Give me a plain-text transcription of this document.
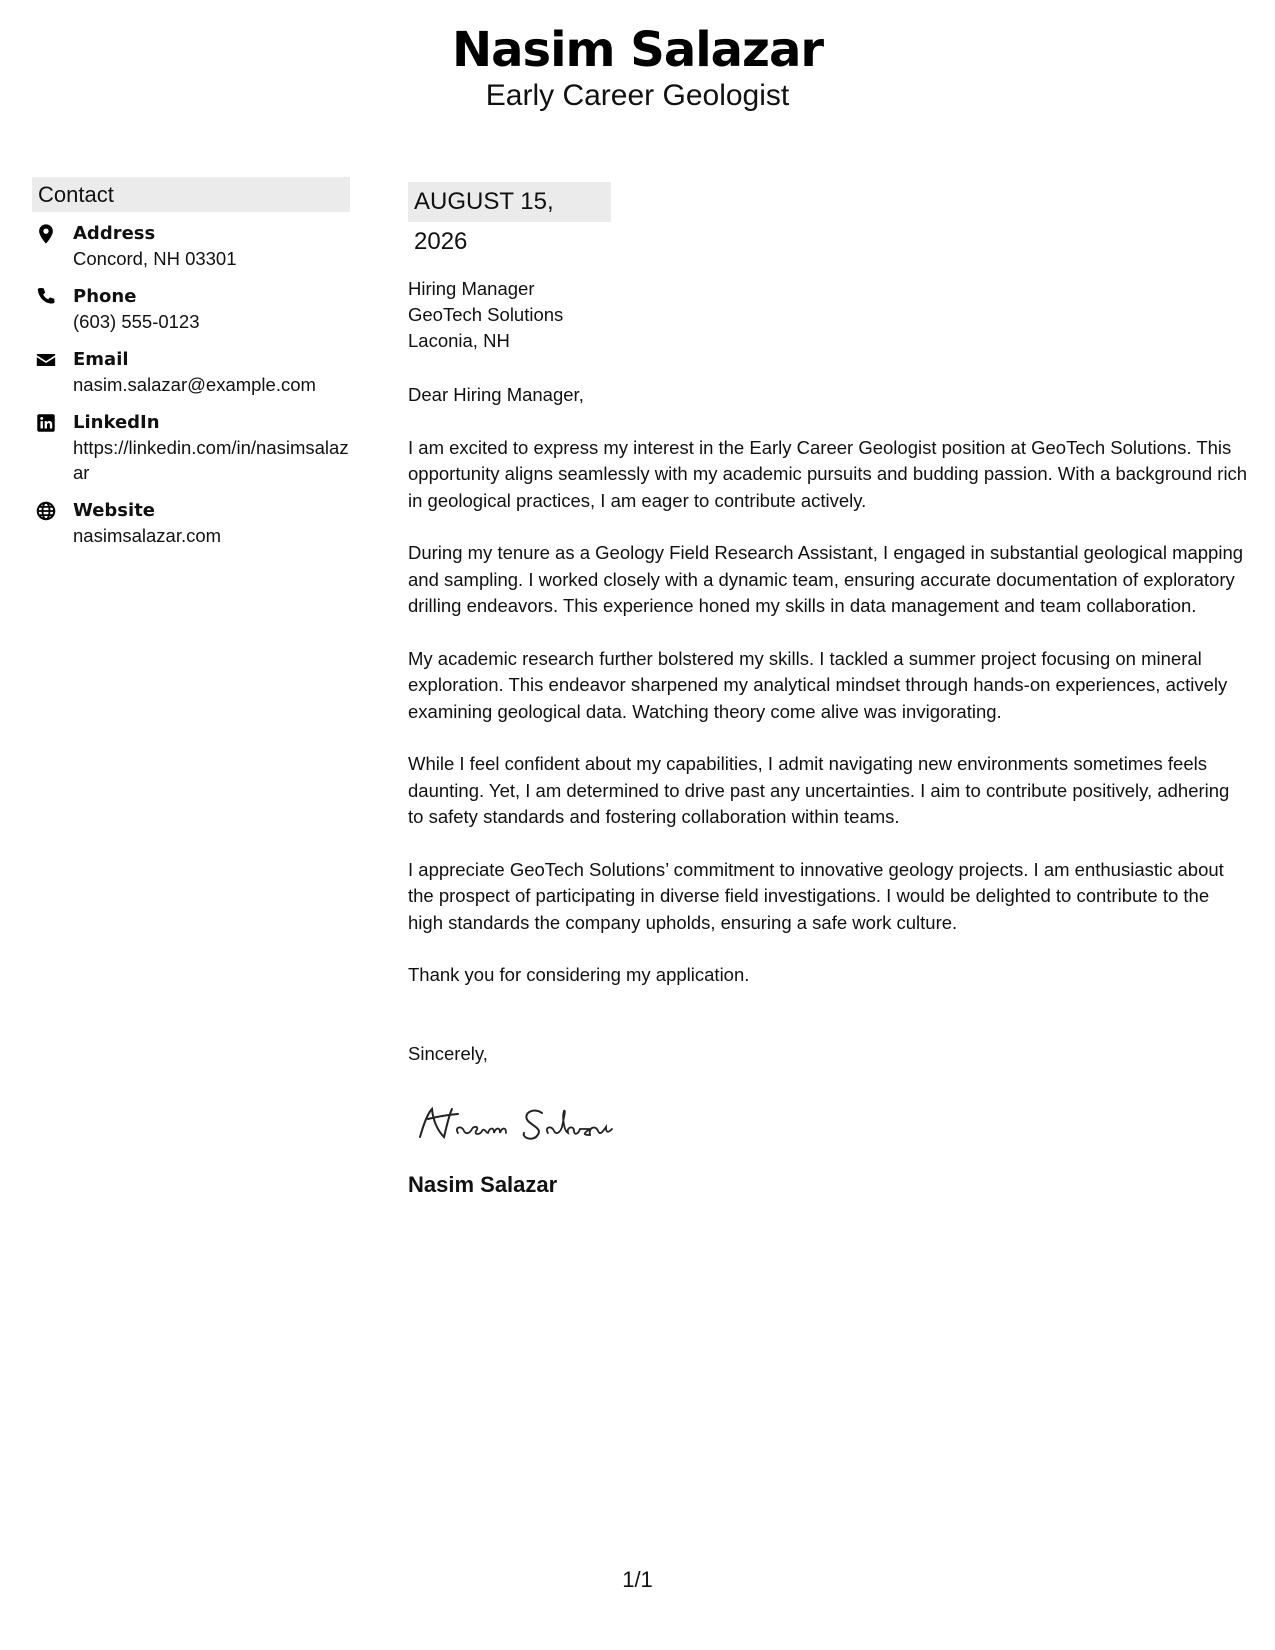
Nasim Salazar
Early Career Geologist
Contact
Address
Concord, NH 03301
Phone
(603) 555-0123
Email
nasim.salazar@example.com
LinkedIn
https://linkedin.com/in/nasimsalazar
Website
nasimsalazar.com
AUGUST 15, 2026
Hiring Manager
GeoTech Solutions
Laconia, NH
Dear Hiring Manager,
I am excited to express my interest in the Early Career Geologist position at GeoTech Solutions. This opportunity aligns seamlessly with my academic pursuits and budding passion. With a background rich in geological practices, I am eager to contribute actively.
During my tenure as a Geology Field Research Assistant, I engaged in substantial geological mapping and sampling. I worked closely with a dynamic team, ensuring accurate documentation of exploratory drilling endeavors. This experience honed my skills in data management and team collaboration.
My academic research further bolstered my skills. I tackled a summer project focusing on mineral exploration. This endeavor sharpened my analytical mindset through hands-on experiences, actively examining geological data. Watching theory come alive was invigorating.
While I feel confident about my capabilities, I admit navigating new environments sometimes feels daunting. Yet, I am determined to drive past any uncertainties. I aim to contribute positively, adhering to safety standards and fostering collaboration within teams.
I appreciate GeoTech Solutions’ commitment to innovative geology projects. I am enthusiastic about the prospect of participating in diverse field investigations. I would be delighted to contribute to the high standards the company upholds, ensuring a safe work culture.
Thank you for considering my application.
Sincerely,
Nasim Salazar
1/1
